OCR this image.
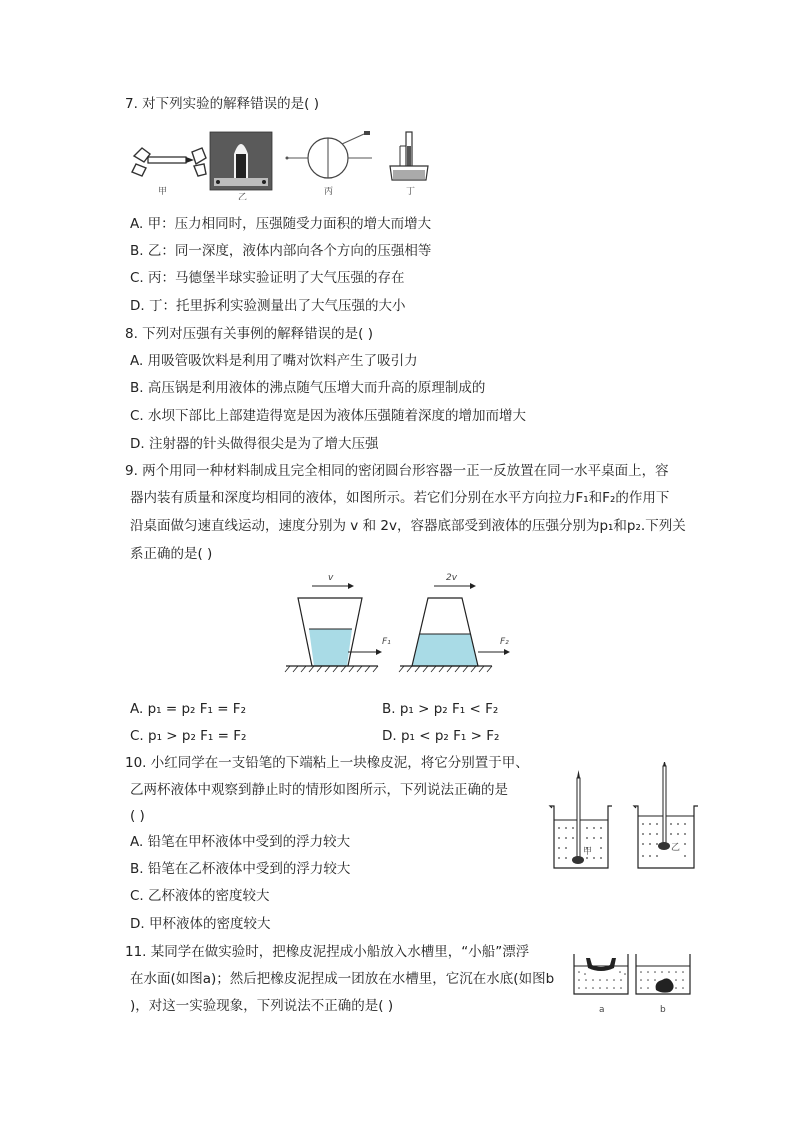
7. 对下列实验的解释错误的是( )
甲
乙
丙	丁
A. 甲：压力相同时，压强随受力面积的增大而增大
B. 乙：同一深度，液体内部向各个方向的压强相等
C. 丙：马德堡半球实验证明了大气压强的存在
D. 丁：托里拆利实验测量出了大气压强的大小
8. 下列对压强有关事例的解释错误的是( )
A. 用吸管吸饮料是利用了嘴对饮料产生了吸引力
B. 高压锅是利用液体的沸点随气压增大而升高的原理制成的
C. 水坝下部比上部建造得宽是因为液体压强随着深度的增加而增大
D. 注射器的针头做得很尖是为了增大压强
9. 两个用同一种材料制成且完全相同的密闭圆台形容器一正一反放置在同一水平桌面上，容
器内装有质量和深度均相同的液体，如图所示。若它们分别在水平方向拉力F₁和F₂的作用下
沿桌面做匀速直线运动，速度分别为 v 和 2v，容器底部受到液体的压强分别为p₁和p₂.下列关
系正确的是( )
v	2v
F₁	F₂
A. p₁ = p₂ F₁ = F₂	B. p₁ > p₂ F₁ < F₂
C. p₁ > p₂ F₁ = F₂	D. p₁ < p₂ F₁ > F₂
10. 小红同学在一支铅笔的下端粘上一块橡皮泥，将它分别置于甲、
乙两杯液体中观察到静止时的情形如图所示，下列说法正确的是
( )
A. 铅笔在甲杯液体中受到的浮力较大
B. 铅笔在乙杯液体中受到的浮力较大
C. 乙杯液体的密度较大
D. 甲杯液体的密度较大
甲	乙
11. 某同学在做实验时，把橡皮泥捏成小船放入水槽里，“小船”漂浮
在水面(如图a)；然后把橡皮泥捏成一团放在水槽里，它沉在水底(如图b
)，对这一实验现象，下列说法不正确的是( )	a	b
